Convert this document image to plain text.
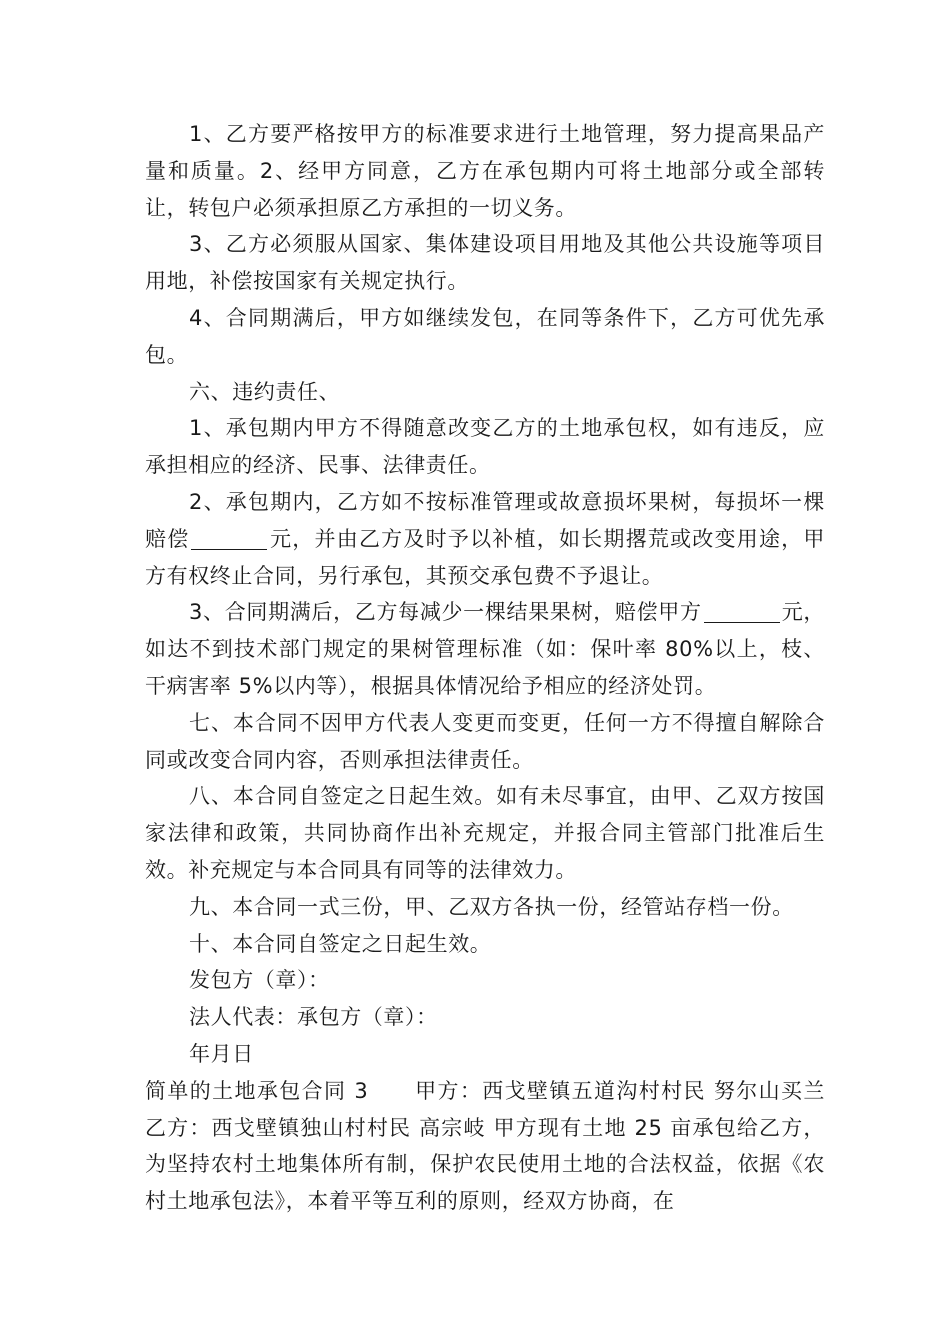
1、乙方要严格按甲方的标准要求进行土地管理，努力提高果品产量和质量。2、经甲方同意，乙方在承包期内可将土地部分或全部转让，转包户必须承担原乙方承担的一切义务。

3、乙方必须服从国家、集体建设项目用地及其他公共设施等项目用地，补偿按国家有关规定执行。

4、合同期满后，甲方如继续发包，在同等条件下，乙方可优先承包。

六、违约责任、

1、承包期内甲方不得随意改变乙方的土地承包权，如有违反，应承担相应的经济、民事、法律责任。

2、承包期内，乙方如不按标准管理或故意损坏果树，每损坏一棵赔偿	元，并由乙方及时予以补植，如长期撂荒或改变用途，甲方有权终止合同，另行承包，其预交承包费不予退让。

3、合同期满后，乙方每减少一棵结果果树，赔偿甲方	元，如达不到技术部门规定的果树管理标准（如：保叶率 80%以上，枝、干病害率 5%以内等），根据具体情况给予相应的经济处罚。

七、本合同不因甲方代表人变更而变更，任何一方不得擅自解除合同或改变合同内容，否则承担法律责任。

八、本合同自签定之日起生效。如有未尽事宜，由甲、乙双方按国家法律和政策，共同协商作出补充规定，并报合同主管部门批准后生效。补充规定与本合同具有同等的法律效力。

九、本合同一式三份，甲、乙双方各执一份，经管站存档一份。

十、本合同自签定之日起生效。

发包方（章）：

法人代表：承包方（章）：

年月日

简单的土地承包合同 3 甲方：西戈壁镇五道沟村村民 努尔山买兰 乙方：西戈壁镇独山村村民 高宗岐 甲方现有土地 25 亩承包给乙方，为坚持农村土地集体所有制，保护农民使用土地的合法权益，依据《农村土地承包法》，本着平等互利的原则，经双方协商，在
